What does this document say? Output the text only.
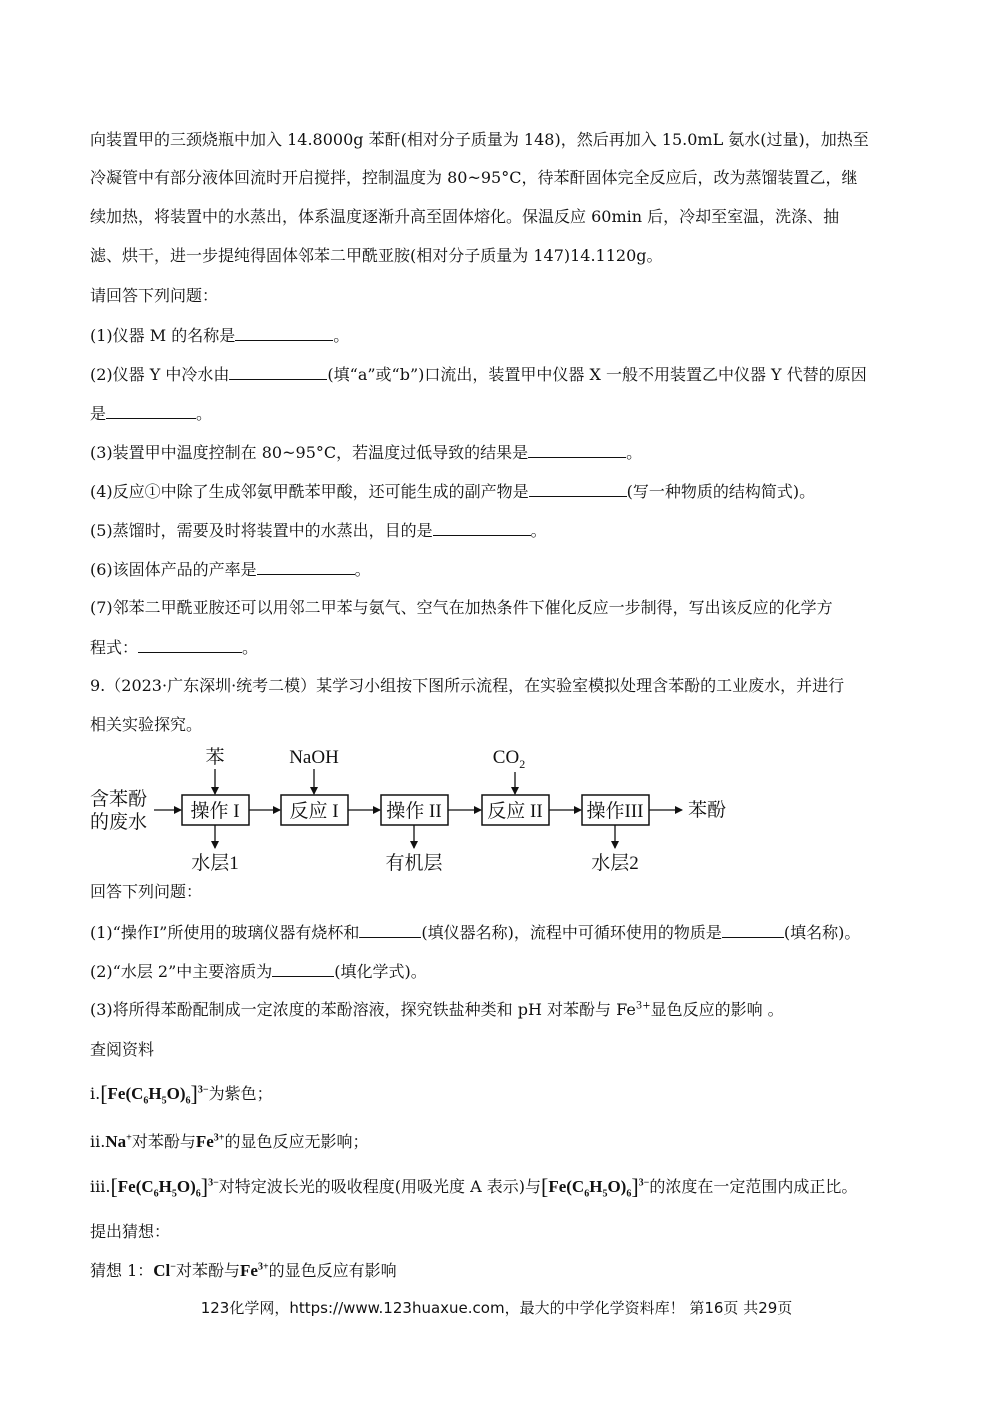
向装置甲的三颈烧瓶中加入 14.8000g 苯酐(相对分子质量为 148)，然后再加入 15.0mL 氨水(过量)，加热至
冷凝管中有部分液体回流时开启搅拌，控制温度为 80~95°C，待苯酐固体完全反应后，改为蒸馏装置乙，继
续加热，将装置中的水蒸出，体系温度逐渐升高至固体熔化。保温反应 60min 后，冷却至室温，洗涤、抽
滤、烘干，进一步提纯得固体邻苯二甲酰亚胺(相对分子质量为 147)14.1120g。
请回答下列问题：
(1)仪器 M 的名称是	。
(2)仪器 Y 中冷水由	(填“a”或“b”)口流出，装置甲中仪器 X 一般不用装置乙中仪器 Y 代替的原因
是	。
(3)装置甲中温度控制在 80~95°C，若温度过低导致的结果是	。
(4)反应①中除了生成邻氨甲酰苯甲酸，还可能生成的副产物是	(写一种物质的结构简式)。
(5)蒸馏时，需要及时将装置中的水蒸出，目的是	。
(6)该固体产品的产率是	。
(7)邻苯二甲酰亚胺还可以用邻二甲苯与氨气、空气在加热条件下催化反应一步制得，写出该反应的化学方
程式：	。
9.（2023·广东深圳·统考二模）某学习小组按下图所示流程，在实验室模拟处理含苯酚的工业废水，并进行
相关实验探究。
含苯酚
的废水
操作 I	反应 I	操作 II 反应 II 操作III
苯	NaOH	$CO_2$
水层1	有机层	水层2
苯酚
回答下列问题：
(1)“操作I”所使用的玻璃仪器有烧杯和	(填仪器名称)，流程中可循环使用的物质是	(填名称)。
(2)“水层 2”中主要溶质为	(填化学式)。
(3)将所得苯酚配制成一定浓度的苯酚溶液，探究铁盐种类和 pH 对苯酚与 $Fe^{3+}$显色反应的影响 。
查阅资料
$i.[Fe(C_6H_5O)_6]^{3-}$为紫色；
ii.Na+对苯酚与$Fe^{3+}$的显色反应无影响；
$iii.[Fe(C_6H_5O)_6]^{3-}$对特定波长光的吸收程度(用吸光度 A 表示)与$[Fe(C_6H_5O)_6]^{3-}$的浓度在一定范围内成正比。
提出猜想：
猜想 1：Cl−对苯酚与$Fe^{3+}$的显色反应有影响
123化学网，https://www.123huaxue.com，最大的中学化学资料库！ 第16页 共29页
